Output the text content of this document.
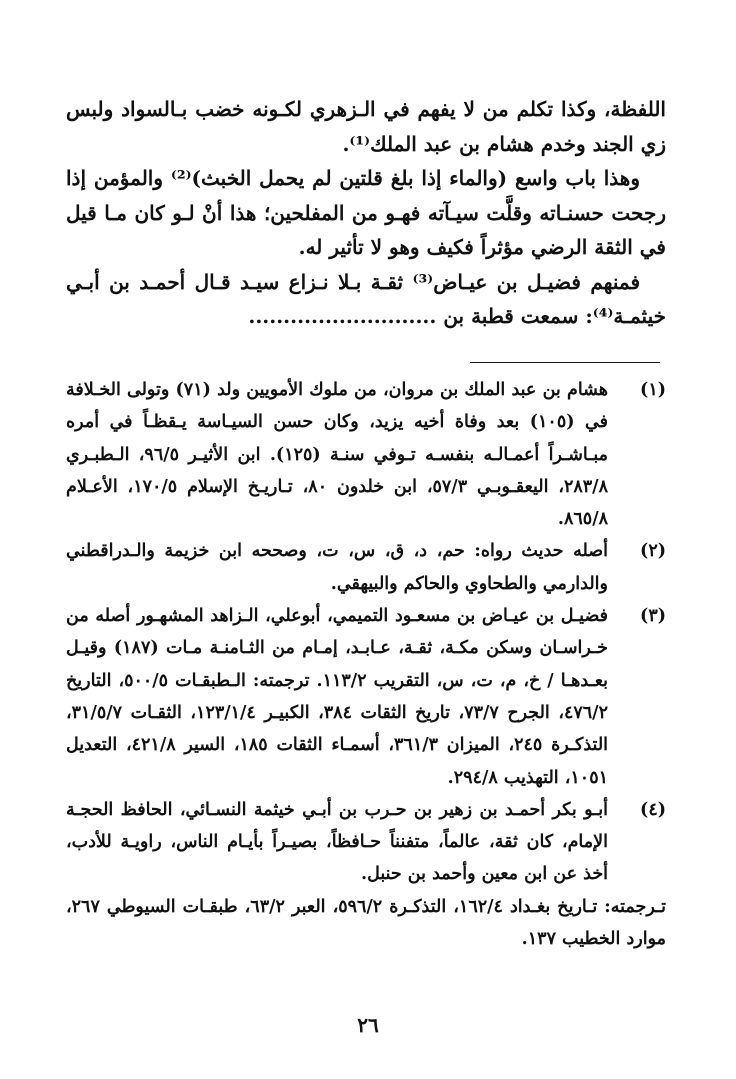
اللفظة، وكذا تكلم من لا يفهم في الـزهري لكـونه خضب بـالسواد ولبس زي الجند وخدم هشام بن عبد الملك⁽¹⁾.

وهذا باب واسع (والماء إذا بلغ قلتين لم يحمل الخبث)⁽²⁾ والمؤمن إذا رجحت حسنـاته وقلَّت سيـآته فهـو من المفلحين؛ هذا أنْ لـو كان مـا قيل في الثقة الرضي مؤثراً فكيف وهو لا تأثير له.

فمنهم فضيـل بن عيـاض⁽³⁾ ثقـة بـلا نـزاع سيـد قـال أحمـد بن أبـي خيثمـة⁽⁴⁾: سمعت قطبة بن ...........................

(١)
هشام بن عبد الملك بن مروان، من ملوك الأمويين ولد (٧١) وتولى الخـلافة في (١٠٥) بعد وفاة أخيه يزيد، وكان حسن السيـاسة يـقظـاً في أمره مبـاشـراً أعمـالـه بنفسـه تـوفي سنـة (١٢٥). ابن الأثيـر ٩٦/٥، الـطبـري ٢٨٣/٨، اليعقـوبـي ٥٧/٣، ابن خلدون ٨٠، تـاريـخ الإسلام ١٧٠/٥، الأعـلام ٨٦٥/٨.
(٢)
أصله حديث رواه: حم، د، ق، س، ت، وصححه ابن خزيمة والـدراقطني والدارمي والطحاوي والحاكم والبيهقي.
(٣)
فضيـل بن عيـاض بن مسعـود التميمي، أبوعلي، الـزاهد المشهـور أصله من خـراسـان وسكن مكـة، ثقـة، عـابـد، إمـام من الثـامنـة مـات (١٨٧) وقيـل بعـدهـا / خ، م، ت، س، التقريب ١١٣/٢. ترجمته: الـطبقـات ٥٠٠/٥، التاريخ ٤٧٦/٢، الجرح ٧٣/٧، تاريخ الثقات ٣٨٤، الكبيـر ١٢٣/١/٤، الثقـات ٣١/٥/٧، التذكـرة ٢٤٥، الميزان ٣٦١/٣، أسمـاء الثقات ١٨٥، السير ٤٢١/٨، التعديل ١٠٥١، التهذيب ٢٩٤/٨.
(٤)
أبـو بكر أحمـد بن زهير بن حـرب بن أبـي خيثمة النسـائي، الحافظ الحجـة الإمام، كان ثقة، عالماً، متفنناً حـافظاً، بصيـراً بأيـام الناس، راويـة للأدب، أخذ عن ابن معين وأحمد بن حنبل.

تـرجمته: تـاريخ بغـداد ١٦٢/٤، التذكـرة ٥٩٦/٢، العبر ٦٣/٢، طبقـات السيوطي ٢٦٧، موارد الخطيب ١٣٧.

٢٦
